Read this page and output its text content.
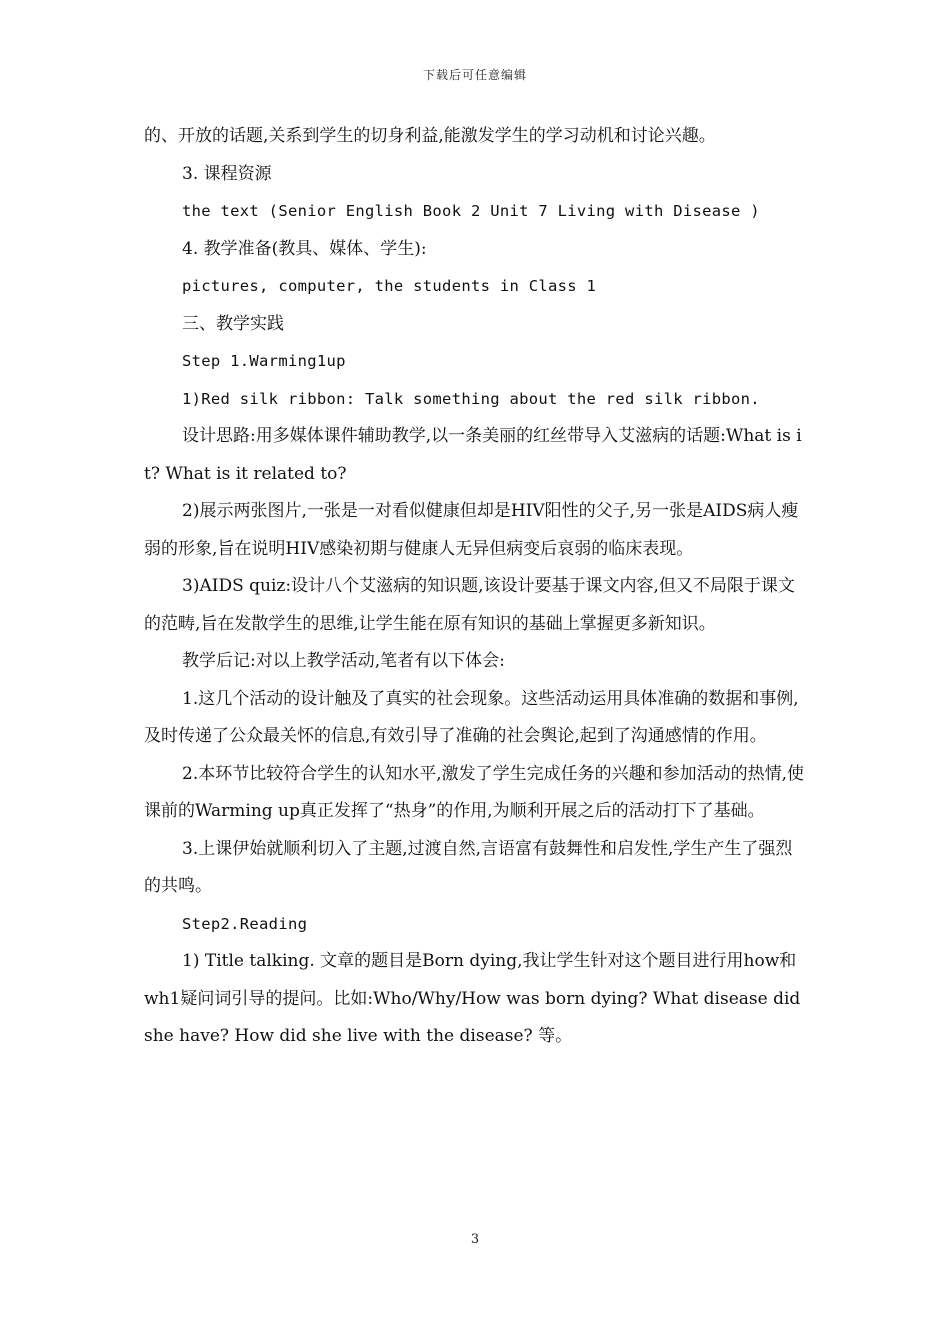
下载后可任意编辑

的、开放的话题,关系到学生的切身利益,能激发学生的学习动机和讨论兴趣。

3. 课程资源

the text (Senior English Book 2 Unit 7 Living with Disease )

4. 教学准备(教具、媒体、学生):

pictures, computer, the students in Class 1

三、教学实践

Step 1.Warming1up

1)Red silk ribbon: Talk something about the red silk ribbon.

设计思路:用多媒体课件辅助教学,以一条美丽的红丝带导入艾滋病的话题:What is it? What is it related to?

2)展示两张图片,一张是一对看似健康但却是HIV阳性的父子,另一张是AIDS病人瘦弱的形象,旨在说明HIV感染初期与健康人无异但病变后哀弱的临床表现。

3)AIDS quiz:设计八个艾滋病的知识题,该设计要基于课文内容,但又不局限于课文的范畴,旨在发散学生的思维,让学生能在原有知识的基础上掌握更多新知识。

教学后记:对以上教学活动,笔者有以下体会:

1.这几个活动的设计触及了真实的社会现象。这些活动运用具体准确的数据和事例,及时传递了公众最关怀的信息,有效引导了准确的社会舆论,起到了沟通感情的作用。

2.本环节比较符合学生的认知水平,激发了学生完成任务的兴趣和参加活动的热情,使课前的Warming up真正发挥了“热身”的作用,为顺利开展之后的活动打下了基础。

3.上课伊始就顺利切入了主题,过渡自然,言语富有鼓舞性和启发性,学生产生了强烈的共鸣。

Step2.Reading

1) Title talking. 文章的题目是Born dying,我让学生针对这个题目进行用how和wh1疑问词引导的提问。比如:Who/Why/How was born dying? What disease did she have? How did she live with the disease? 等。

3
